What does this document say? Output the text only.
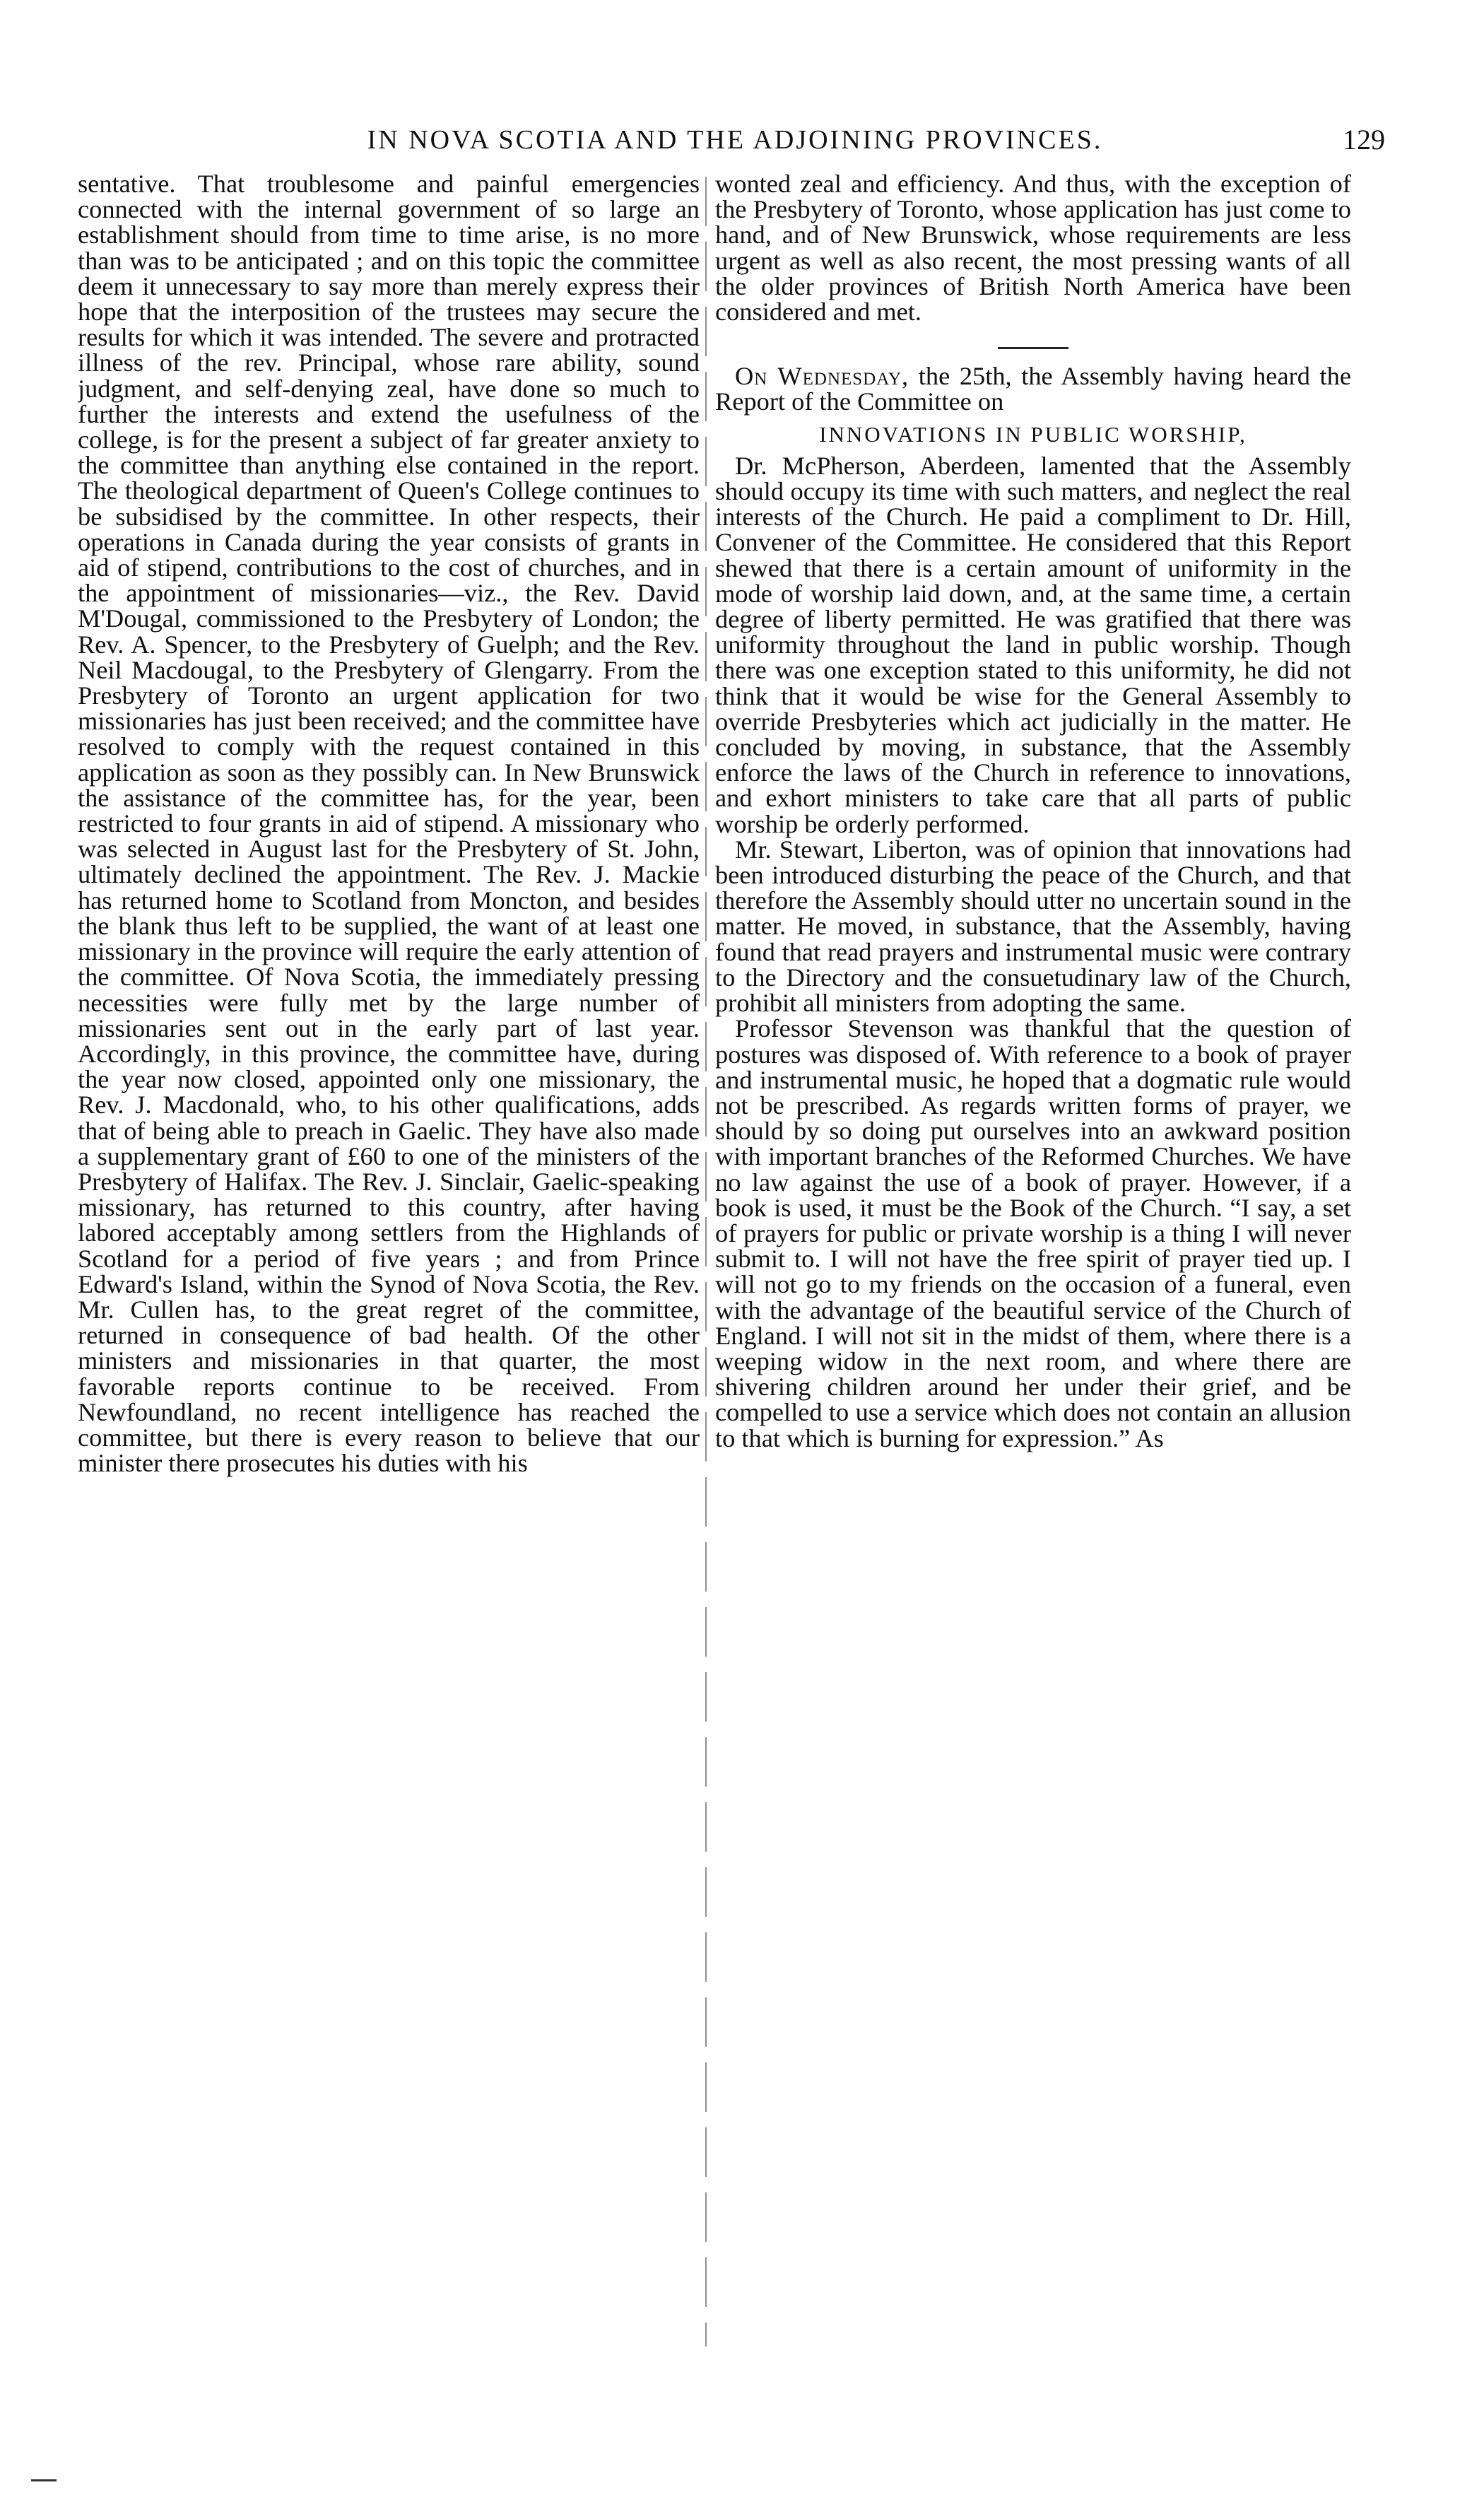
IN NOVA SCOTIA AND THE ADJOINING PROVINCES.	129

sentative. That troublesome and painful emergencies connected with the internal government of so large an establishment should from time to time arise, is no more than was to be anticipated ; and on this topic the committee deem it unnecessary to say more than merely express their hope that the interposition of the trustees may secure the results for which it was intended. The severe and protracted illness of the rev. Principal, whose rare ability, sound judgment, and self-denying zeal, have done so much to further the interests and extend the usefulness of the college, is for the present a subject of far greater anxiety to the committee than anything else contained in the report. The theological department of Queen's College continues to be subsidised by the committee. In other respects, their operations in Canada during the year consists of grants in aid of stipend, contributions to the cost of churches, and in the appointment of missionaries—viz., the Rev. David M'Dougal, commissioned to the Presbytery of London; the Rev. A. Spencer, to the Presbytery of Guelph; and the Rev. Neil Macdougal, to the Presbytery of Glengarry. From the Presbytery of Toronto an urgent application for two missionaries has just been received; and the committee have resolved to comply with the request contained in this application as soon as they possibly can. In New Brunswick the assistance of the committee has, for the year, been restricted to four grants in aid of stipend. A missionary who was selected in August last for the Presbytery of St. John, ultimately declined the appointment. The Rev. J. Mackie has returned home to Scotland from Moncton, and besides the blank thus left to be supplied, the want of at least one missionary in the province will require the early attention of the committee. Of Nova Scotia, the immediately pressing necessities were fully met by the large number of missionaries sent out in the early part of last year. Accordingly, in this province, the committee have, during the year now closed, appointed only one missionary, the Rev. J. Macdonald, who, to his other qualifications, adds that of being able to preach in Gaelic. They have also made a supplementary grant of £60 to one of the ministers of the Presbytery of Halifax. The Rev. J. Sinclair, Gaelic-speaking missionary, has returned to this country, after having labored acceptably among settlers from the Highlands of Scotland for a period of five years ; and from Prince Edward's Island, within the Synod of Nova Scotia, the Rev. Mr. Cullen has, to the great regret of the committee, returned in consequence of bad health. Of the other ministers and missionaries in that quarter, the most favorable reports continue to be received. From Newfoundland, no recent intelligence has reached the committee, but there is every reason to believe that our minister there prosecutes his duties with his

wonted zeal and efficiency. And thus, with the exception of the Presbytery of Toronto, whose application has just come to hand, and of New Brunswick, whose requirements are less urgent as well as also recent, the most pressing wants of all the older provinces of British North America have been considered and met.

On Wednesday, the 25th, the Assembly having heard the Report of the Committee on

INNOVATIONS IN PUBLIC WORSHIP,

Dr. McPherson, Aberdeen, lamented that the Assembly should occupy its time with such matters, and neglect the real interests of the Church. He paid a compliment to Dr. Hill, Convener of the Committee. He considered that this Report shewed that there is a certain amount of uniformity in the mode of worship laid down, and, at the same time, a certain degree of liberty permitted. He was gratified that there was uniformity throughout the land in public worship. Though there was one exception stated to this uniformity, he did not think that it would be wise for the General Assembly to override Presbyteries which act judicially in the matter. He concluded by moving, in substance, that the Assembly enforce the laws of the Church in reference to innovations, and exhort ministers to take care that all parts of public worship be orderly performed.

Mr. Stewart, Liberton, was of opinion that innovations had been introduced disturbing the peace of the Church, and that therefore the Assembly should utter no uncertain sound in the matter. He moved, in substance, that the Assembly, having found that read prayers and instrumental music were contrary to the Directory and the consuetudinary law of the Church, prohibit all ministers from adopting the same.

Professor Stevenson was thankful that the question of postures was disposed of. With reference to a book of prayer and instrumental music, he hoped that a dogmatic rule would not be prescribed. As regards written forms of prayer, we should by so doing put ourselves into an awkward position with important branches of the Reformed Churches. We have no law against the use of a book of prayer. However, if a book is used, it must be the Book of the Church. “I say, a set of prayers for public or private worship is a thing I will never submit to. I will not have the free spirit of prayer tied up. I will not go to my friends on the occasion of a funeral, even with the advantage of the beautiful service of the Church of England. I will not sit in the midst of them, where there is a weeping widow in the next room, and where there are shivering children around her under their grief, and be compelled to use a service which does not contain an allusion to that which is burning for expression.” As
